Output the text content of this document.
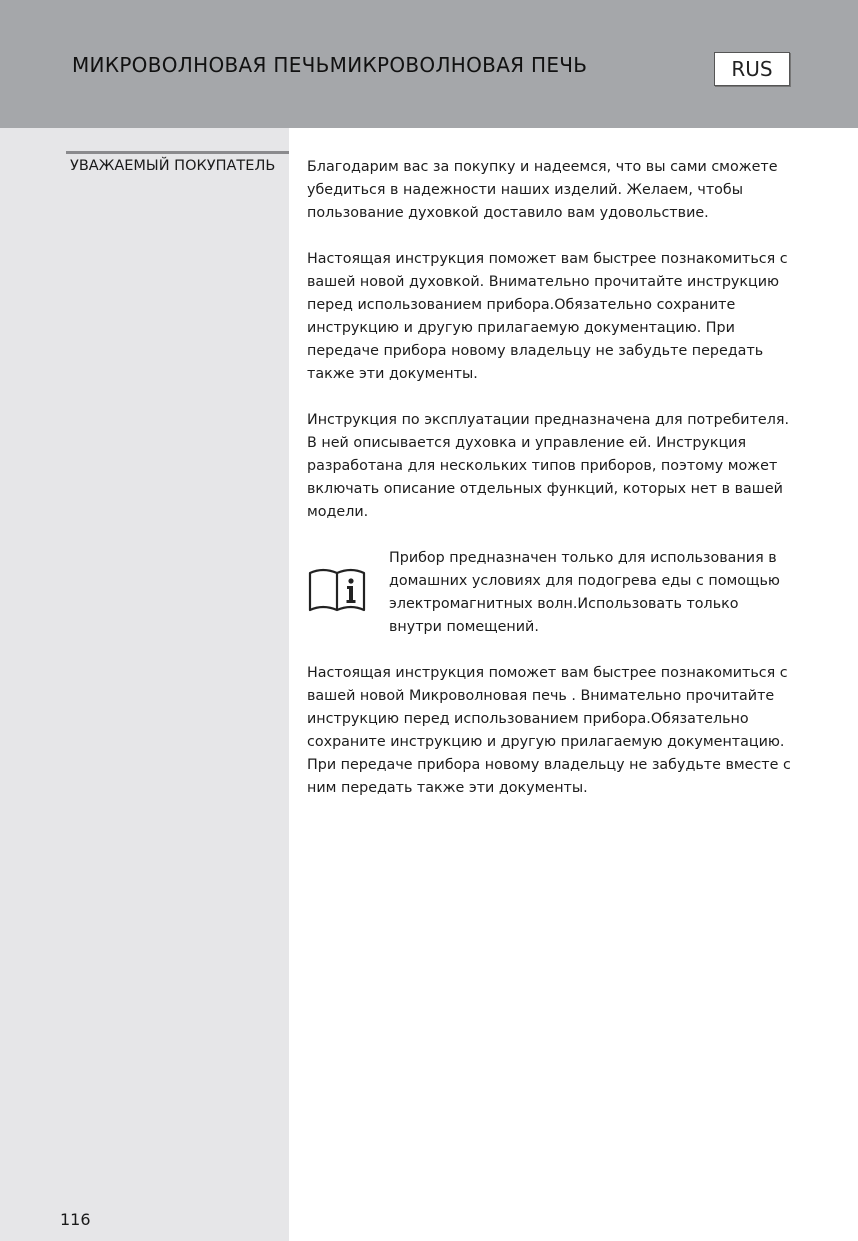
МИКРОВОЛНОВАЯ ПЕЧЬМИКРОВОЛНОВАЯ ПЕЧЬ	RUS
УВАЖАЕМЫЙ ПОКУПАТЕЛЬ
116

Благодарим вас за покупку и надеемся, что вы сами сможете убедиться в надежности наших изделий. Желаем, чтобы пользование духовкой доставило вам удовольствие.

Настоящая инструкция поможет вам быстрее познакомиться с вашей новой духовкой. Внимательно прочитайте инструкцию перед использованием прибора.Обязательно сохраните инструкцию и другую прилагаемую документацию. При передаче прибора новому владельцу не забудьте передать также эти документы.

Инструкция по эксплуатации предназначена для потребителя. В ней описывается духовка и управление ей. Инструкция разработана для нескольких типов приборов, поэтому может включать описание отдельных функций, которых нет в вашей модели.

Прибор предназначен только для использования в домашних условиях для подогрева еды с помощью электромагнитных волн.Использовать только внутри помещений.

Настоящая инструкция поможет вам быстрее познакомиться с вашей новой Микроволновая печь . Внимательно прочитайте инструкцию перед использованием прибора.Обязательно сохраните инструкцию и другую прилагаемую документацию. При передаче прибора новому владельцу не забудьте вместе с ним передать также эти документы.
